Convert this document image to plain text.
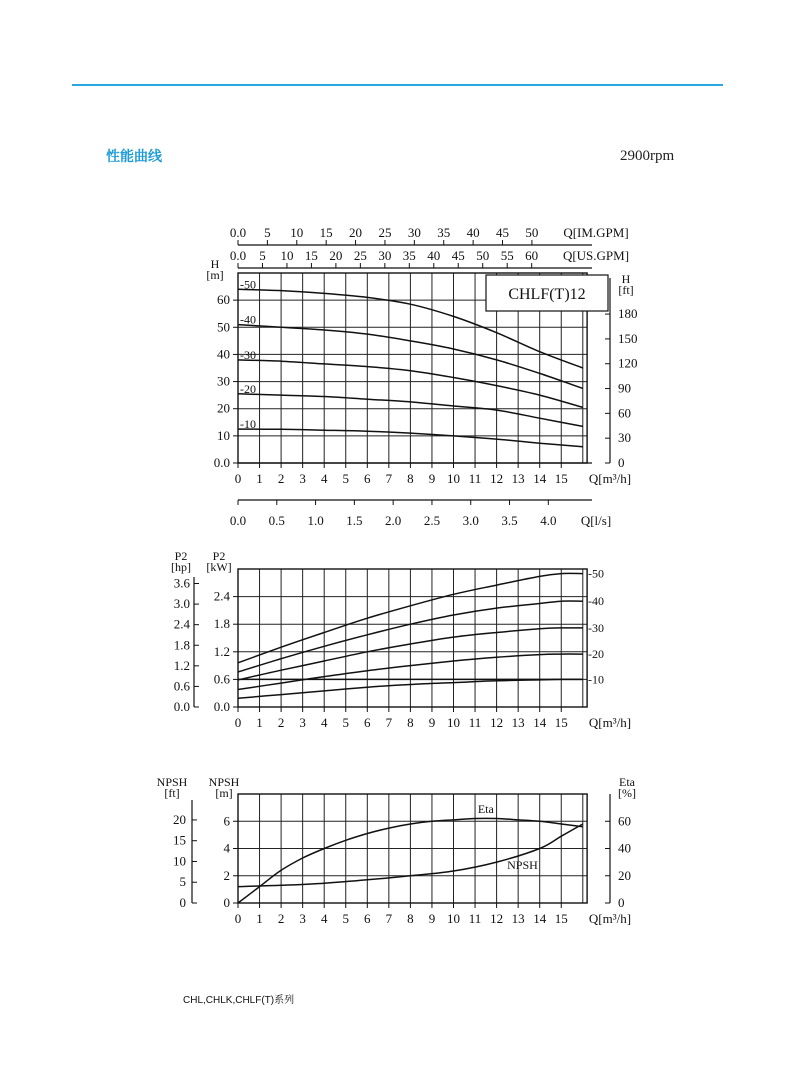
性能曲线	2900rpm
0.0
10
20
30
40
50
60
H
[m]
0
30
60
90
120
150
180
H
[ft]
0 1 2 3 4 5 6 7 8 9 10 11 12 13 14 15 Q[m³/h]
0.0 5 10 15 20 25 30 35 40 45 50 Q[IM.GPM]
0.0 5 10 15 20 25 30 35 40 45 50 55 60 Q[US.GPM]
0.0 0.5 1.0 1.5 2.0 2.5 3.0 3.5 4.0 Q[l/s]
CHLF(T)12
-50
-40
-30
-20
-10
0.0
0.6
1.2
1.8
2.4
P2
[kW]
0.0
0.6
1.2
1.8
2.4
3.0
3.6
P2
[hp]
0 1 2 3 4 5 6 7 8 9 10 11 12 13 14 15 Q[m³/h]
-50
-40
-30
-20
-10
0
2
4
6
NPSH
[m]
0
5
10
15
20
NPSH
[ft]
0
20
40
60
Eta
[%]
0 1 2 3 4 5 6 7 8 9 10 11 12 13 14 15 Q[m³/h]
Eta
NPSH
CHL,CHLK,CHLF(T)系列
